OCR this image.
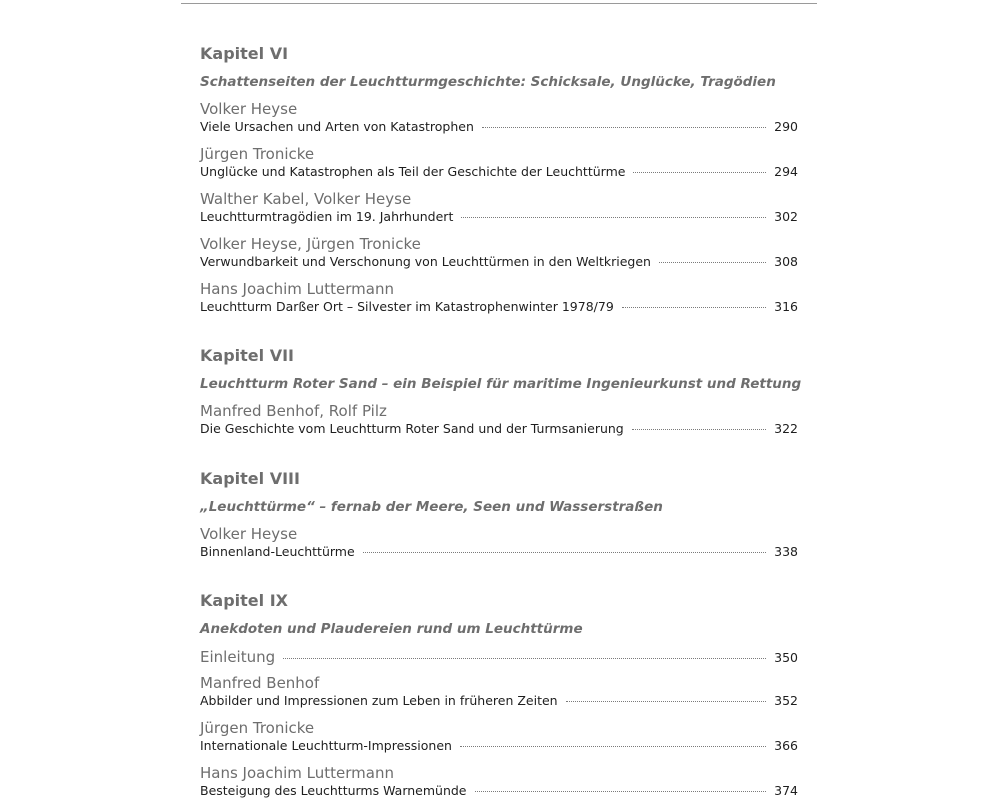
Kapitel VI
Schattenseiten der Leuchtturmgeschichte: Schicksale, Unglücke, Tragödien
Volker Heyse
Viele Ursachen und Arten von Katastrophen	290
Jürgen Tronicke
Unglücke und Katastrophen als Teil der Geschichte der Leuchttürme	294
Walther Kabel, Volker Heyse
Leuchtturmtragödien im 19. Jahrhundert	302
Volker Heyse, Jürgen Tronicke
Verwundbarkeit und Verschonung von Leuchttürmen in den Weltkriegen	308
Hans Joachim Luttermann
Leuchtturm Darßer Ort – Silvester im Katastrophenwinter 1978/79	316
Kapitel VII
Leuchtturm Roter Sand – ein Beispiel für maritime Ingenieurkunst und Rettung
Manfred Benhof, Rolf Pilz
Die Geschichte vom Leuchtturm Roter Sand und der Turmsanierung	322
Kapitel VIII
„Leuchttürme“ – fernab der Meere, Seen und Wasserstraßen
Volker Heyse
Binnenland-Leuchttürme	338
Kapitel IX
Anekdoten und Plaudereien rund um Leuchttürme
Einleitung	350
Manfred Benhof
Abbilder und Impressionen zum Leben in früheren Zeiten	352
Jürgen Tronicke
Internationale Leuchtturm-Impressionen	366
Hans Joachim Luttermann
Besteigung des Leuchtturms Warnemünde	374
